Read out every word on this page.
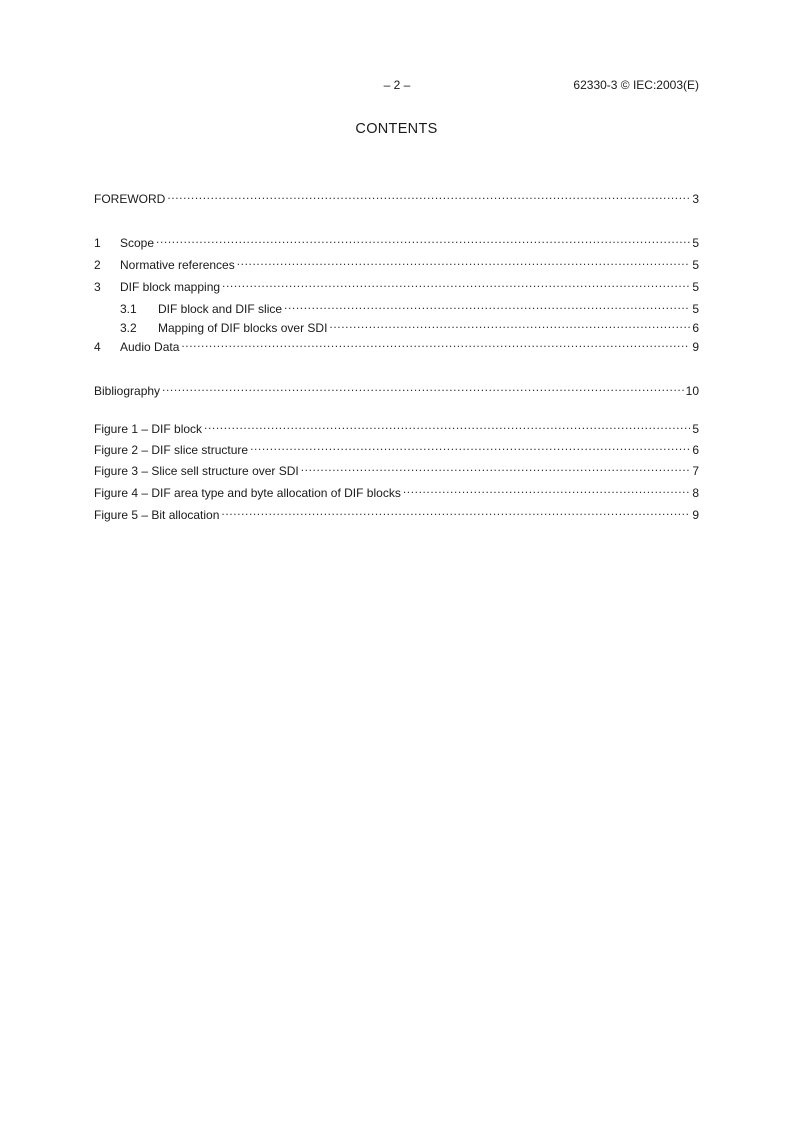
– 2 –	62330-3 © IEC:2003(E)
CONTENTS
FOREWORD .....	3
1	Scope .....	5
2	Normative references .....	5
3	DIF block mapping .....	5
3.1	DIF block and DIF slice .....	5
3.2	Mapping of DIF blocks over SDI .....	6
4	Audio Data .....	9
Bibliography .....	10
Figure 1 – DIF block .....	5
Figure 2 – DIF slice structure .....	6
Figure 3 – Slice sell structure over SDI .....	7
Figure 4 – DIF area type and byte allocation of DIF blocks .....	8
Figure 5 – Bit allocation .....	9
